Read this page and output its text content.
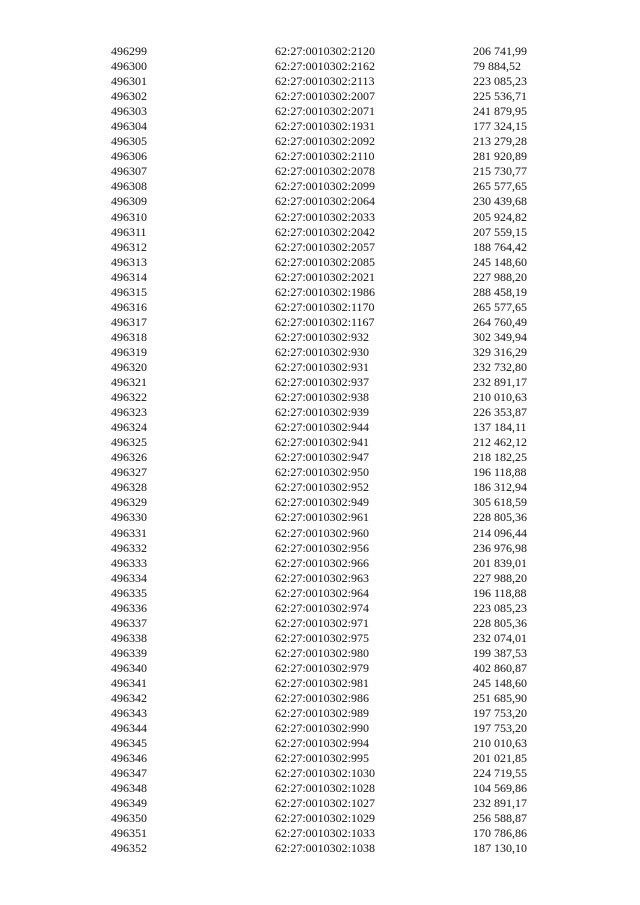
496299	62:27:0010302:2120	206 741,99
496300	62:27:0010302:2162	79 884,52
496301	62:27:0010302:2113	223 085,23
496302	62:27:0010302:2007	225 536,71
496303	62:27:0010302:2071	241 879,95
496304	62:27:0010302:1931	177 324,15
496305	62:27:0010302:2092	213 279,28
496306	62:27:0010302:2110	281 920,89
496307	62:27:0010302:2078	215 730,77
496308	62:27:0010302:2099	265 577,65
496309	62:27:0010302:2064	230 439,68
496310	62:27:0010302:2033	205 924,82
496311	62:27:0010302:2042	207 559,15
496312	62:27:0010302:2057	188 764,42
496313	62:27:0010302:2085	245 148,60
496314	62:27:0010302:2021	227 988,20
496315	62:27:0010302:1986	288 458,19
496316	62:27:0010302:1170	265 577,65
496317	62:27:0010302:1167	264 760,49
496318	62:27:0010302:932	302 349,94
496319	62:27:0010302:930	329 316,29
496320	62:27:0010302:931	232 732,80
496321	62:27:0010302:937	232 891,17
496322	62:27:0010302:938	210 010,63
496323	62:27:0010302:939	226 353,87
496324	62:27:0010302:944	137 184,11
496325	62:27:0010302:941	212 462,12
496326	62:27:0010302:947	218 182,25
496327	62:27:0010302:950	196 118,88
496328	62:27:0010302:952	186 312,94
496329	62:27:0010302:949	305 618,59
496330	62:27:0010302:961	228 805,36
496331	62:27:0010302:960	214 096,44
496332	62:27:0010302:956	236 976,98
496333	62:27:0010302:966	201 839,01
496334	62:27:0010302:963	227 988,20
496335	62:27:0010302:964	196 118,88
496336	62:27:0010302:974	223 085,23
496337	62:27:0010302:971	228 805,36
496338	62:27:0010302:975	232 074,01
496339	62:27:0010302:980	199 387,53
496340	62:27:0010302:979	402 860,87
496341	62:27:0010302:981	245 148,60
496342	62:27:0010302:986	251 685,90
496343	62:27:0010302:989	197 753,20
496344	62:27:0010302:990	197 753,20
496345	62:27:0010302:994	210 010,63
496346	62:27:0010302:995	201 021,85
496347	62:27:0010302:1030	224 719,55
496348	62:27:0010302:1028	104 569,86
496349	62:27:0010302:1027	232 891,17
496350	62:27:0010302:1029	256 588,87
496351	62:27:0010302:1033	170 786,86
496352	62:27:0010302:1038	187 130,10
